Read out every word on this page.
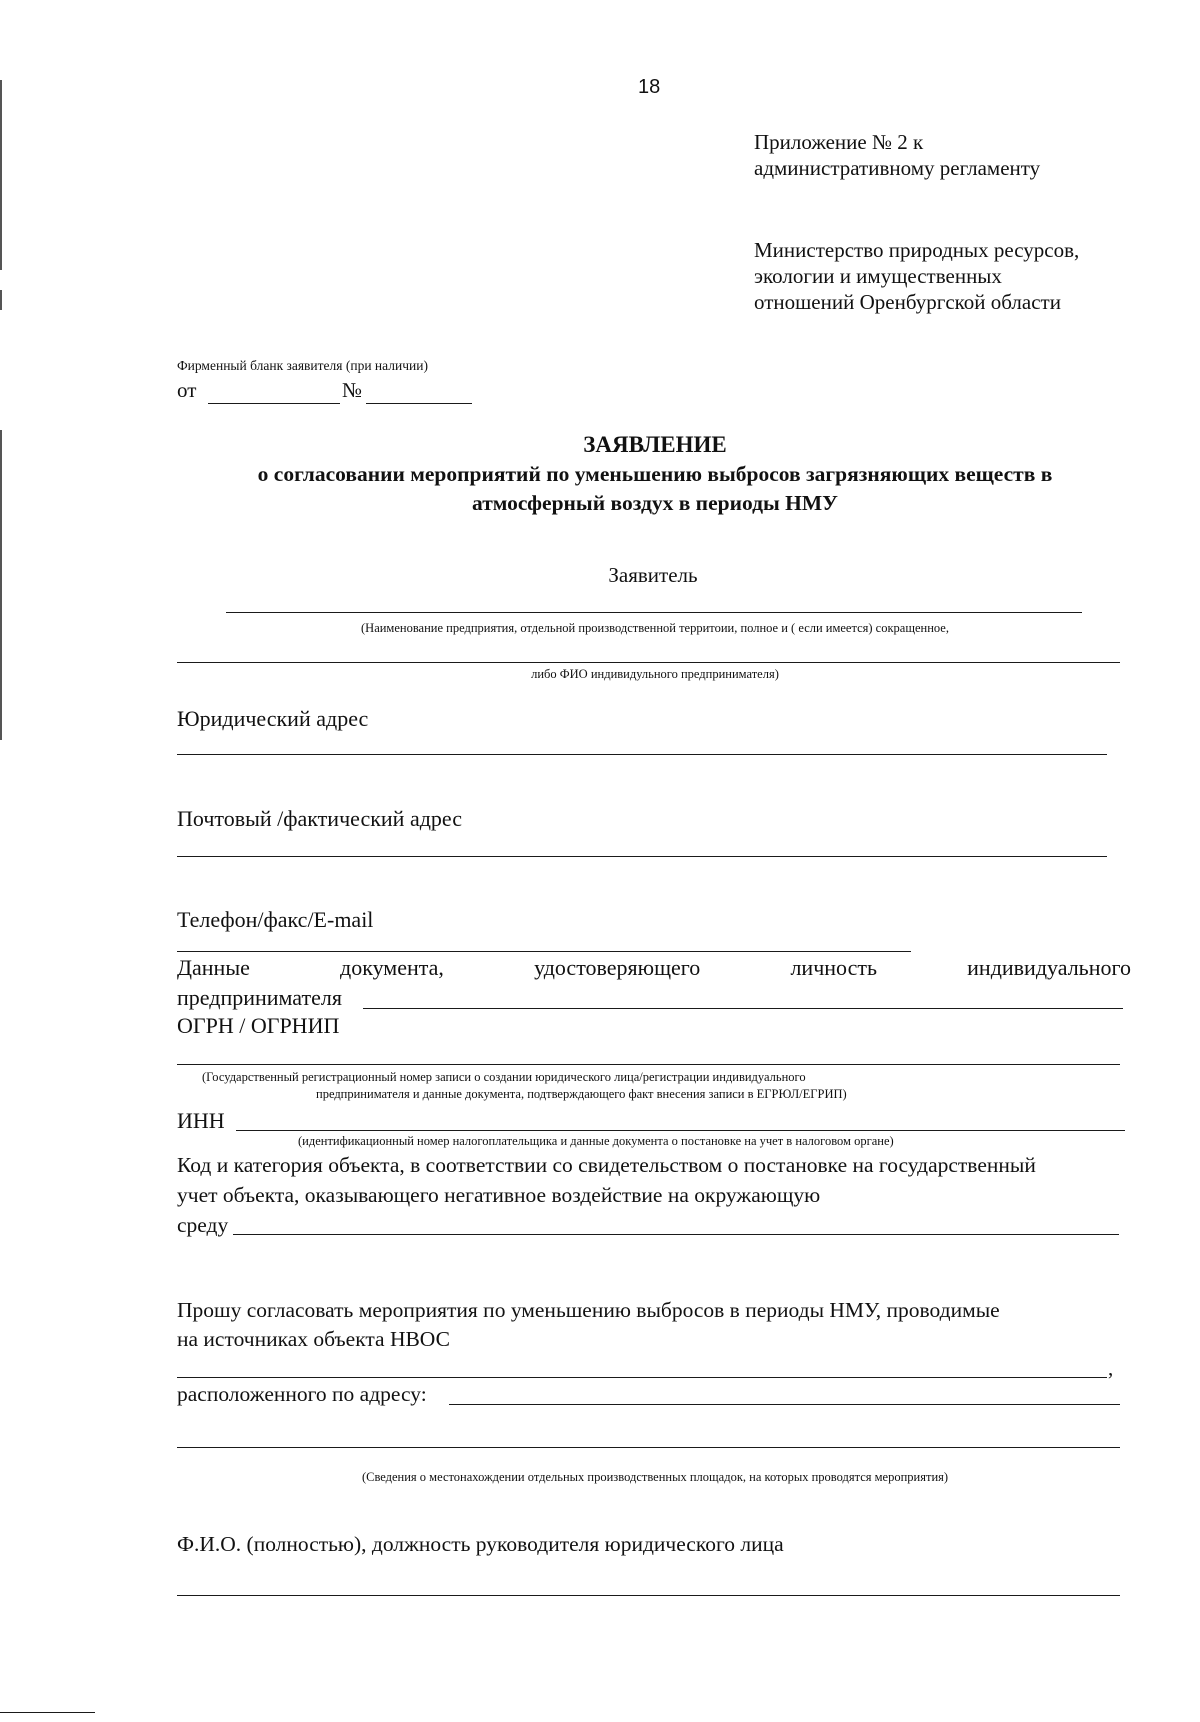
18
Приложение № 2 к
административному регламенту
Министерство природных ресурсов,
экологии и имущественных
отношений Оренбургской области
Фирменный бланк заявителя (при наличии)
от	№
ЗАЯВЛЕНИЕ
о согласовании мероприятий по уменьшению выбросов загрязняющих веществ в
атмосферный воздух в периоды НМУ
Заявитель
(Наименование предприятия, отдельной производственной территоии, полное и ( если имеется) сокращенное,
либо ФИО индивидульного предпринимателя)
Юридический адрес
Почтовый /фактический адрес
Телефон/факс/E-mail
Данные	документа,	удостоверяющего	личность	индивидуального
предпринимателя
ОГРН / ОГРНИП
(Государственный регистрационный номер записи о создании юридического лица/регистрации индивидуального
предпринимателя и данные документа, подтверждающего факт внесения записи в ЕГРЮЛ/ЕГРИП)
ИНН
(идентификационный номер налогоплательщика и данные документа о постановке на учет в налоговом органе)
Код и категория объекта, в соответствии со свидетельством о постановке на государственный
учет объекта, оказывающего негативное воздействие на окружающую
среду
Прошу согласовать мероприятия по уменьшению выбросов в периоды НМУ, проводимые
на источниках объекта НВОС
,
расположенного по адресу:
(Сведения о местонахождении отдельных производственных площадок, на которых проводятся мероприятия)
Ф.И.О. (полностью), должность руководителя юридического лица
